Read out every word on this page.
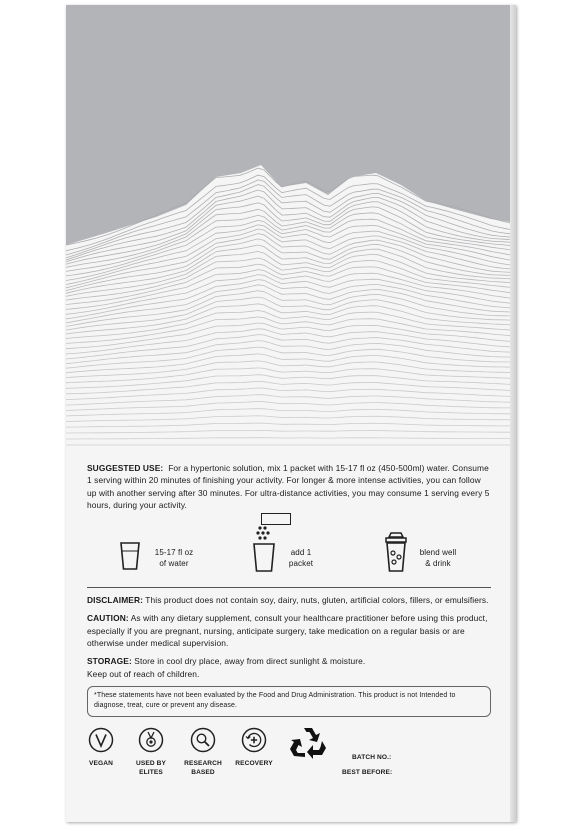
SUGGESTED USE: For a hypertonic solution, mix 1 packet with 15-17 fl oz (450-500ml) water. Consume 1 serving within 20 minutes of finishing your activity. For longer & more intense activities, you can follow up with another serving after 30 minutes. For ultra-distance activities, you may consume 1 serving every 5 hours, during your activity.

15-17 fl oz
of water
add 1
packet
blend well
& drink

DISCLAIMER: This product does not contain soy, dairy, nuts, gluten, artificial colors, fillers, or emulsifiers.

CAUTION: As with any dietary supplement, consult your healthcare practitioner before using this product, especially if you are pregnant, nursing, anticipate surgery, take medication on a regular basis or are otherwise under medical supervision.

STORAGE: Store in cool dry place, away from direct sunlight & moisture.
Keep out of reach of children.

*These statements have not been evaluated by the Food and Drug Administration. This product is not Intended to diagnose, treat, cure or prevent any disease.
VEGAN	USED BY
ELITES
RESEARCH
BASED
RECOVERY
BATCH NO.:
BEST BEFORE:
